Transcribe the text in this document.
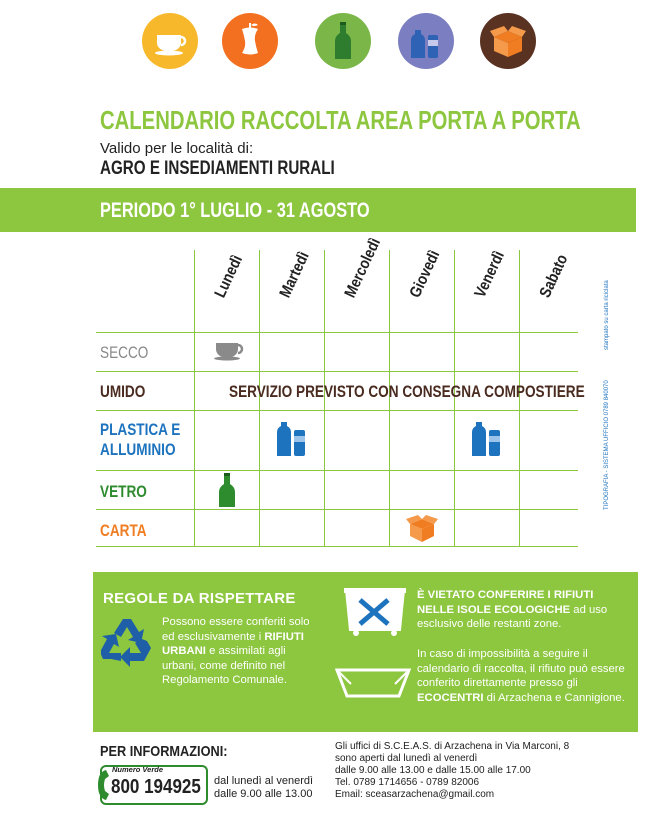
CALENDARIO RACCOLTA AREA PORTA A PORTA
Valido per le località di:
AGRO E INSEDIAMENTI RURALI
PERIODO 1° LUGLIO - 31 AGOSTO
Lunedì Martedì Mercoledì Giovedì Venerdì Sabato
SECCO
UMIDO
PLASTICA E
ALLUMINIO
VETRO
CARTA
SERVIZIO PREVISTO CON CONSEGNA COMPOSTIERE
stampato su carta riciclata
TIPOGRAFIA - SISTEMA UFFICIO 0789 840070
REGOLE DA RISPETTARE
Possono essere conferiti solo ed esclusivamente i RIFIUTI URBANI e assimilati agli urbani, come definito nel Regolamento Comunale.
È VIETATO CONFERIRE I RIFIUTI NELLE ISOLE ECOLOGICHE ad uso esclusivo delle restanti zone.
In caso di impossibilità a seguire il calendario di raccolta, il rifiuto può essere conferito direttamente presso gli ECOCENTRI di Arzachena e Cannigione.
PER INFORMAZIONI:
Numero Verde
800 194925 dal lunedì al venerdì
dalle 9.00 alle 13.00
Gli uffici di S.C.E.A.S. di Arzachena in Via Marconi, 8
sono aperti dal lunedì al venerdì
dalle 9.00 alle 13.00 e dalle 15.00 alle 17.00
Tel. 0789 1714656 - 0789 82006
Email: sceasarzachena@gmail.com
